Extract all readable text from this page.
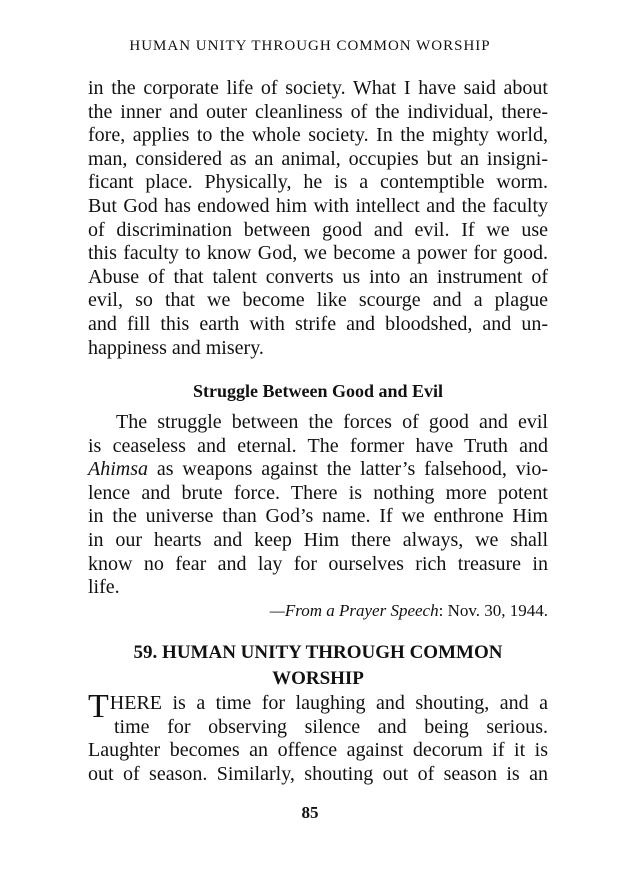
HUMAN UNITY THROUGH COMMON WORSHIP

in the corporate life of society. What I have said about
the inner and outer cleanliness of the individual, there-
fore, applies to the whole society. In the mighty world,
man, considered as an animal, occupies but an insigni-
ficant place. Physically, he is a contemptible worm.
But God has endowed him with intellect and the faculty
of discrimination between good and evil. If we use
this faculty to know God, we become a power for good.
Abuse of that talent converts us into an instrument of
evil, so that we become like scourge and a plague
and fill this earth with strife and bloodshed, and un-
happiness and misery.

Struggle Between Good and Evil

The struggle between the forces of good and evil
is ceaseless and eternal. The former have Truth and
Ahimsa as weapons against the latter’s falsehood, vio-
lence and brute force. There is nothing more potent
in the universe than God’s name. If we enthrone Him
in our hearts and keep Him there always, we shall
know no fear and lay for ourselves rich treasure in
life.

—From a Prayer Speech: Nov. 30, 1944.

59. HUMAN UNITY THROUGH COMMON
WORSHIP

THERE is a time for laughing and shouting, and a
time for observing silence and being serious.
Laughter becomes an offence against decorum if it is
out of season. Similarly, shouting out of season is an

85
